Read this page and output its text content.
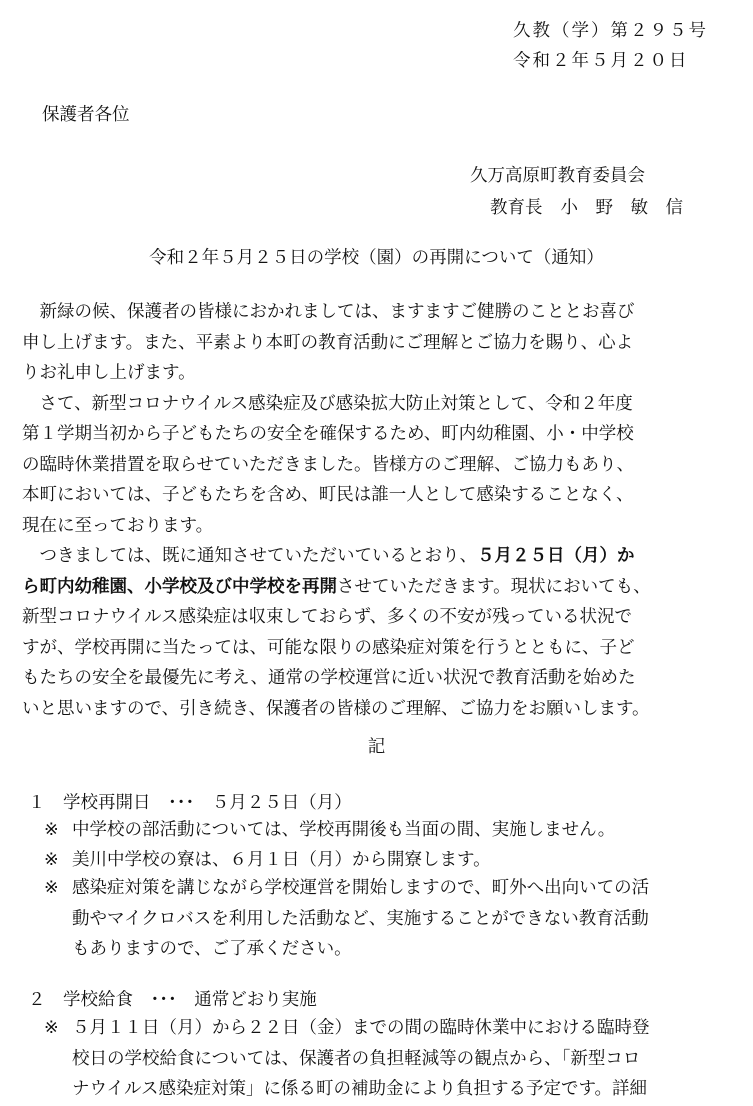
久教（学）第２９５号
令和２年５月２０日
保護者各位
久万高原町教育委員会
教育長 小　野　敏　信
令和２年５月２５日の学校（園）の再開について（通知）

　新緑の候、保護者の皆様におかれましては、ますますご健勝のこととお喜び
申し上げます。また、平素より本町の教育活動にご理解とご協力を賜り、心よ
りお礼申し上げます。

　さて、新型コロナウイルス感染症及び感染拡大防止対策として、令和２年度
第１学期当初から子どもたちの安全を確保するため、町内幼稚園、小・中学校
の臨時休業措置を取らせていただきました。皆様方のご理解、ご協力もあり、
本町においては、子どもたちを含め、町民は誰一人として感染することなく、
現在に至っております。

　つきましては、既に通知させていただいているとおり、５月２５日（月）か
ら町内幼稚園、小学校及び中学校を再開させていただきます。現状においても、
新型コロナウイルス感染症は収束しておらず、多くの不安が残っている状況で
すが、学校再開に当たっては、可能な限りの感染症対策を行うとともに、子ど
もたちの安全を最優先に考え、通常の学校運営に近い状況で教育活動を始めた
いと思いますので、引き続き、保護者の皆様のご理解、ご協力をお願いします。

記
１　学校再開日　･･･　５月２５日（月）
※ 中学校の部活動については、学校再開後も当面の間、実施しません。
※ 美川中学校の寮は、６月１日（月）から開寮します。
※ 感染症対策を講じながら学校運営を開始しますので、町外へ出向いての活
動やマイクロバスを利用した活動など、実施することができない教育活動
もありますので、ご了承ください。
２　学校給食　･･･　通常どおり実施
※ ５月１１日（月）から２２日（金）までの間の臨時休業中における臨時登
校日の学校給食については、保護者の負担軽減等の観点から、「新型コロ
ナウイルス感染症対策」に係る町の補助金により負担する予定です。詳細
